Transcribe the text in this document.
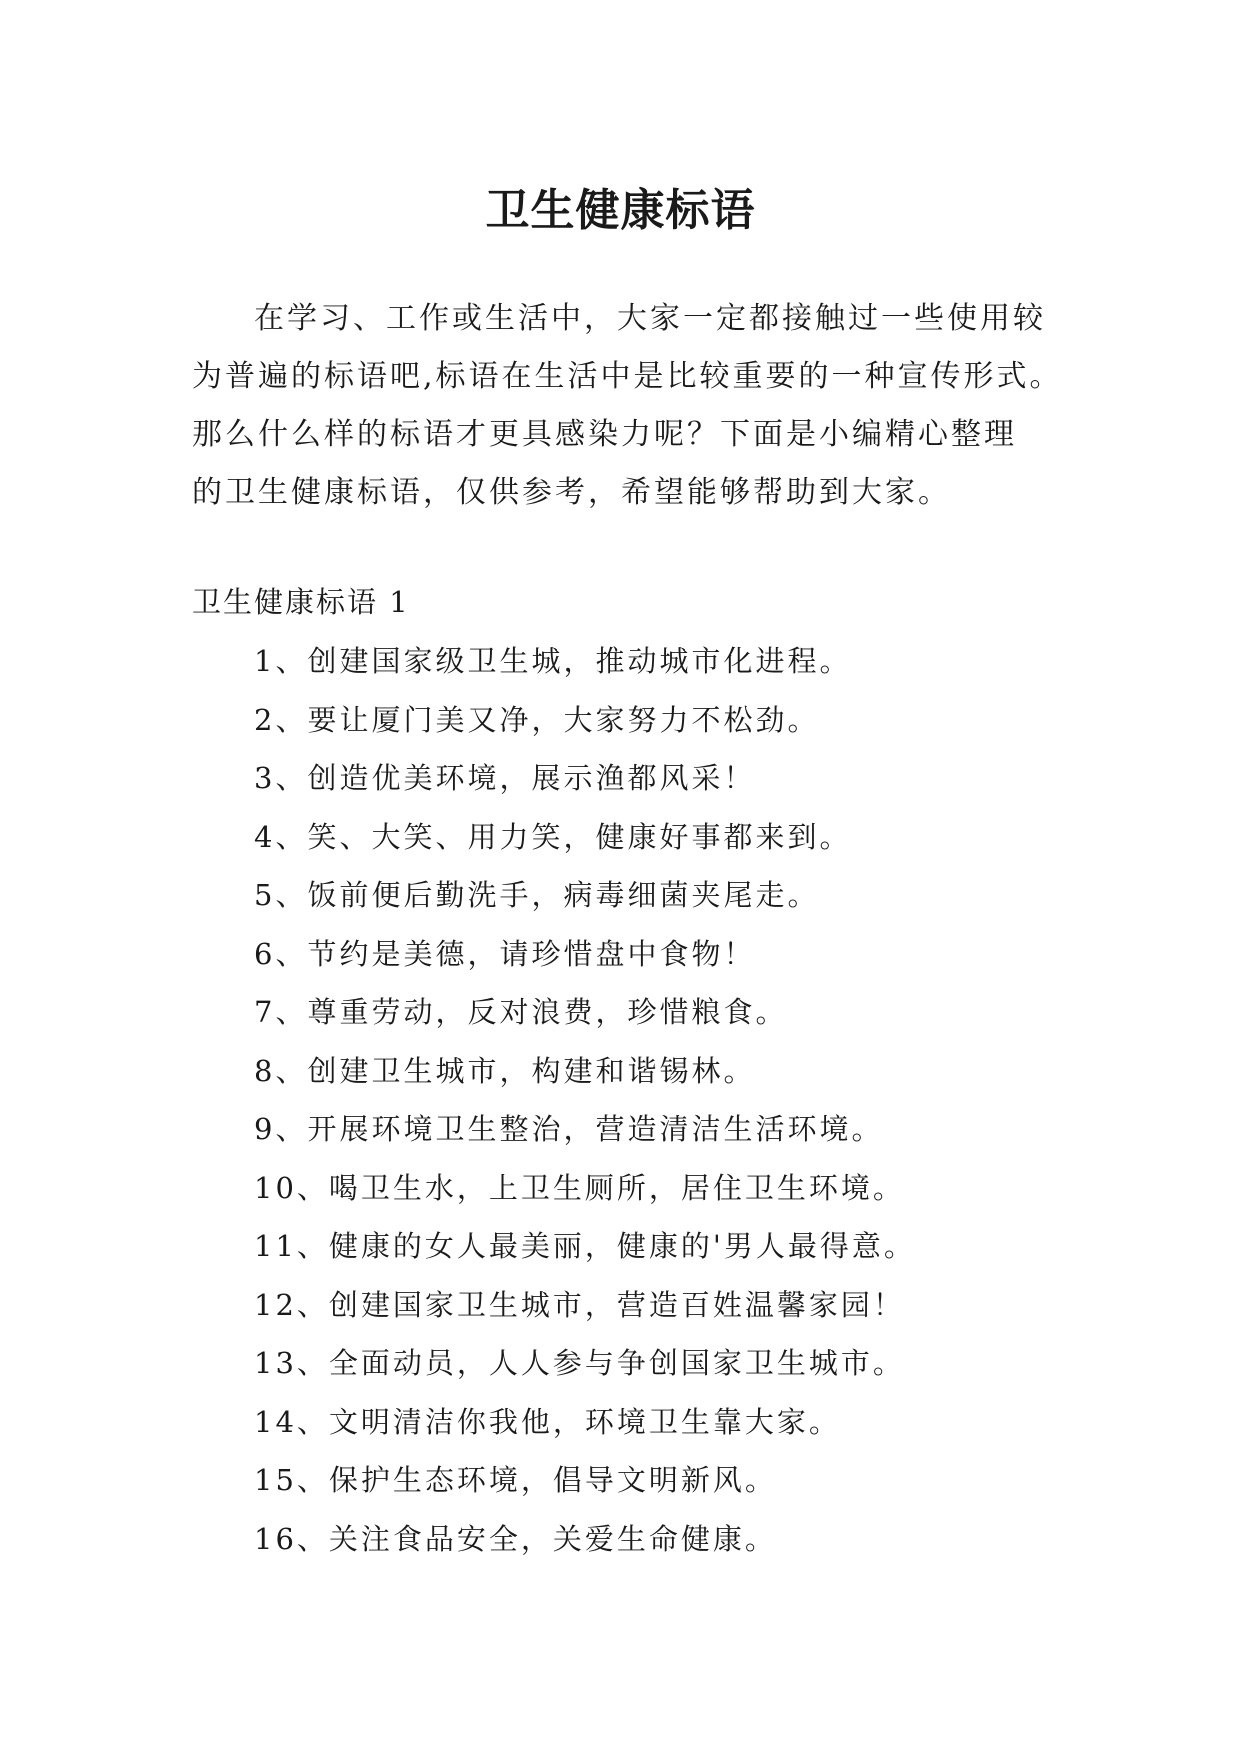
卫生健康标语

在学习、工作或生活中，大家一定都接触过一些使用较

为普遍的标语吧,标语在生活中是比较重要的一种宣传形式。

那么什么样的标语才更具感染力呢？下面是小编精心整理

的卫生健康标语，仅供参考，希望能够帮助到大家。

卫生健康标语 1
1、创建国家级卫生城，推动城市化进程。
2、要让厦门美又净，大家努力不松劲。
3、创造优美环境，展示渔都风采！
4、笑、大笑、用力笑，健康好事都来到。
5、饭前便后勤洗手，病毒细菌夹尾走。
6、节约是美德，请珍惜盘中食物！
7、尊重劳动，反对浪费，珍惜粮食。
8、创建卫生城市，构建和谐锡林。
9、开展环境卫生整治，营造清洁生活环境。
10、喝卫生水，上卫生厕所，居住卫生环境。
11、健康的女人最美丽，健康的'男人最得意。
12、创建国家卫生城市，营造百姓温馨家园！
13、全面动员，人人参与争创国家卫生城市。
14、文明清洁你我他，环境卫生靠大家。
15、保护生态环境，倡导文明新风。
16、关注食品安全，关爱生命健康。
